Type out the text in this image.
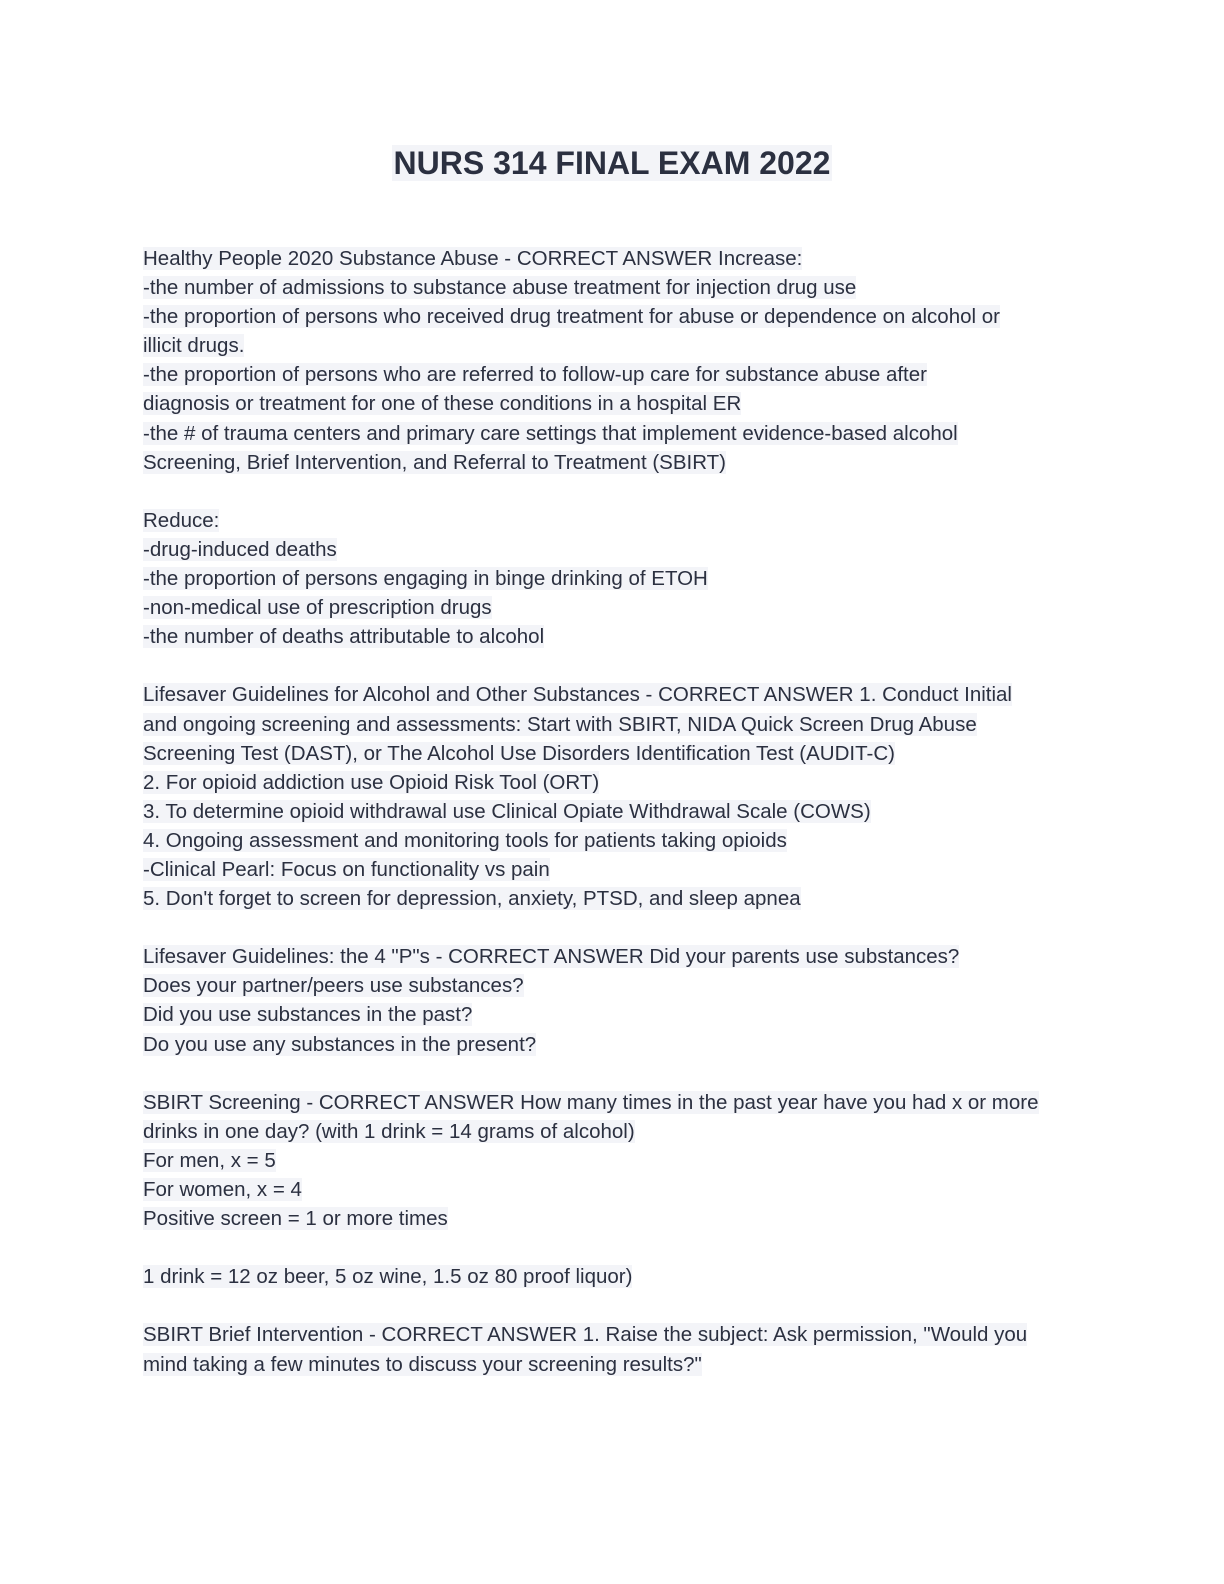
NURS 314 FINAL EXAM 2022
Healthy People 2020 Substance Abuse - CORRECT ANSWER Increase:
-the number of admissions to substance abuse treatment for injection drug use
-the proportion of persons who received drug treatment for abuse or dependence on alcohol or
illicit drugs.
-the proportion of persons who are referred to follow-up care for substance abuse after
diagnosis or treatment for one of these conditions in a hospital ER
-the # of trauma centers and primary care settings that implement evidence-based alcohol
Screening, Brief Intervention, and Referral to Treatment (SBIRT)
Reduce:
-drug-induced deaths
-the proportion of persons engaging in binge drinking of ETOH
-non-medical use of prescription drugs
-the number of deaths attributable to alcohol
Lifesaver Guidelines for Alcohol and Other Substances - CORRECT ANSWER 1. Conduct Initial
and ongoing screening and assessments: Start with SBIRT, NIDA Quick Screen Drug Abuse
Screening Test (DAST), or The Alcohol Use Disorders Identification Test (AUDIT-C)
2. For opioid addiction use Opioid Risk Tool (ORT)
3. To determine opioid withdrawal use Clinical Opiate Withdrawal Scale (COWS)
4. Ongoing assessment and monitoring tools for patients taking opioids
-Clinical Pearl: Focus on functionality vs pain
5. Don't forget to screen for depression, anxiety, PTSD, and sleep apnea
Lifesaver Guidelines: the 4 "P"s - CORRECT ANSWER Did your parents use substances?
Does your partner/peers use substances?
Did you use substances in the past?
Do you use any substances in the present?
SBIRT Screening - CORRECT ANSWER How many times in the past year have you had x or more
drinks in one day? (with 1 drink = 14 grams of alcohol)
For men, x = 5
For women, x = 4
Positive screen = 1 or more times
1 drink = 12 oz beer, 5 oz wine, 1.5 oz 80 proof liquor)
SBIRT Brief Intervention - CORRECT ANSWER 1. Raise the subject: Ask permission, "Would you
mind taking a few minutes to discuss your screening results?"
